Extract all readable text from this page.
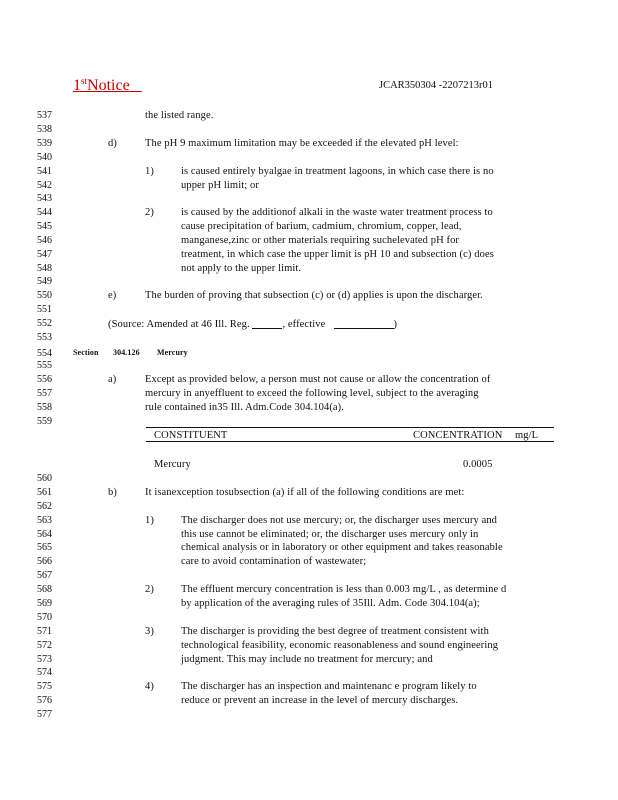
1stNotice	JCAR350304 -2207213r01
537
538
539
540
541
542
543
544
545
546
547
548
549
550
551
552
553
554
555
556
557
558
559
560
561
562
563
564
565
566
567
568
569
570
571
572
573
574
575
576
577
the listed range.
d)	The pH 9 maximum limitation may be exceeded if the elevated pH level:
1)	is caused entirely byalgae in treatment lagoons, in which case there is no
upper pH limit; or
2)	is caused by the additionof alkali in the waste water treatment process to
cause precipitation of barium, cadmium, chromium, copper, lead,
manganese,zinc or other materials requiring suchelevated pH for
treatment, in which case the upper limit is pH 10 and subsection (c) does
not apply to the upper limit.
e)	The burden of proving that subsection (c) or (d) applies is upon the discharger.
(Source: Amended at 46 Ill. Reg.	, effective	)
Section 304.126 Mercury
a)	Except as provided below, a person must not cause or allow the concentration of
mercury in anyeffluent to exceed the following level, subject to the averaging
rule contained in35 Ill. Adm.Code 304.104(a).
CONSTITUENT	CONCENTRATION mg/L
Mercury	0.0005
b)	It isanexception tosubsection (a) if all of the following conditions are met:
1)	The discharger does not use mercury; or, the discharger uses mercury and
this use cannot be eliminated; or, the discharger uses mercury only in
chemical analysis or in laboratory or other equipment and takes reasonable
care to avoid contamination of wastewater;
2)	The effluent mercury concentration is less than 0.003 mg/L , as determine d
by application of the averaging rules of 35Ill. Adm. Code 304.104(a);
3)	The discharger is providing the best degree of treatment consistent with
technological feasibility, economic reasonableness and sound engineering
judgment. This may include no treatment for mercury; and
4)	The discharger has an inspection and maintenanc e program likely to
reduce or prevent an increase in the level of mercury discharges.
